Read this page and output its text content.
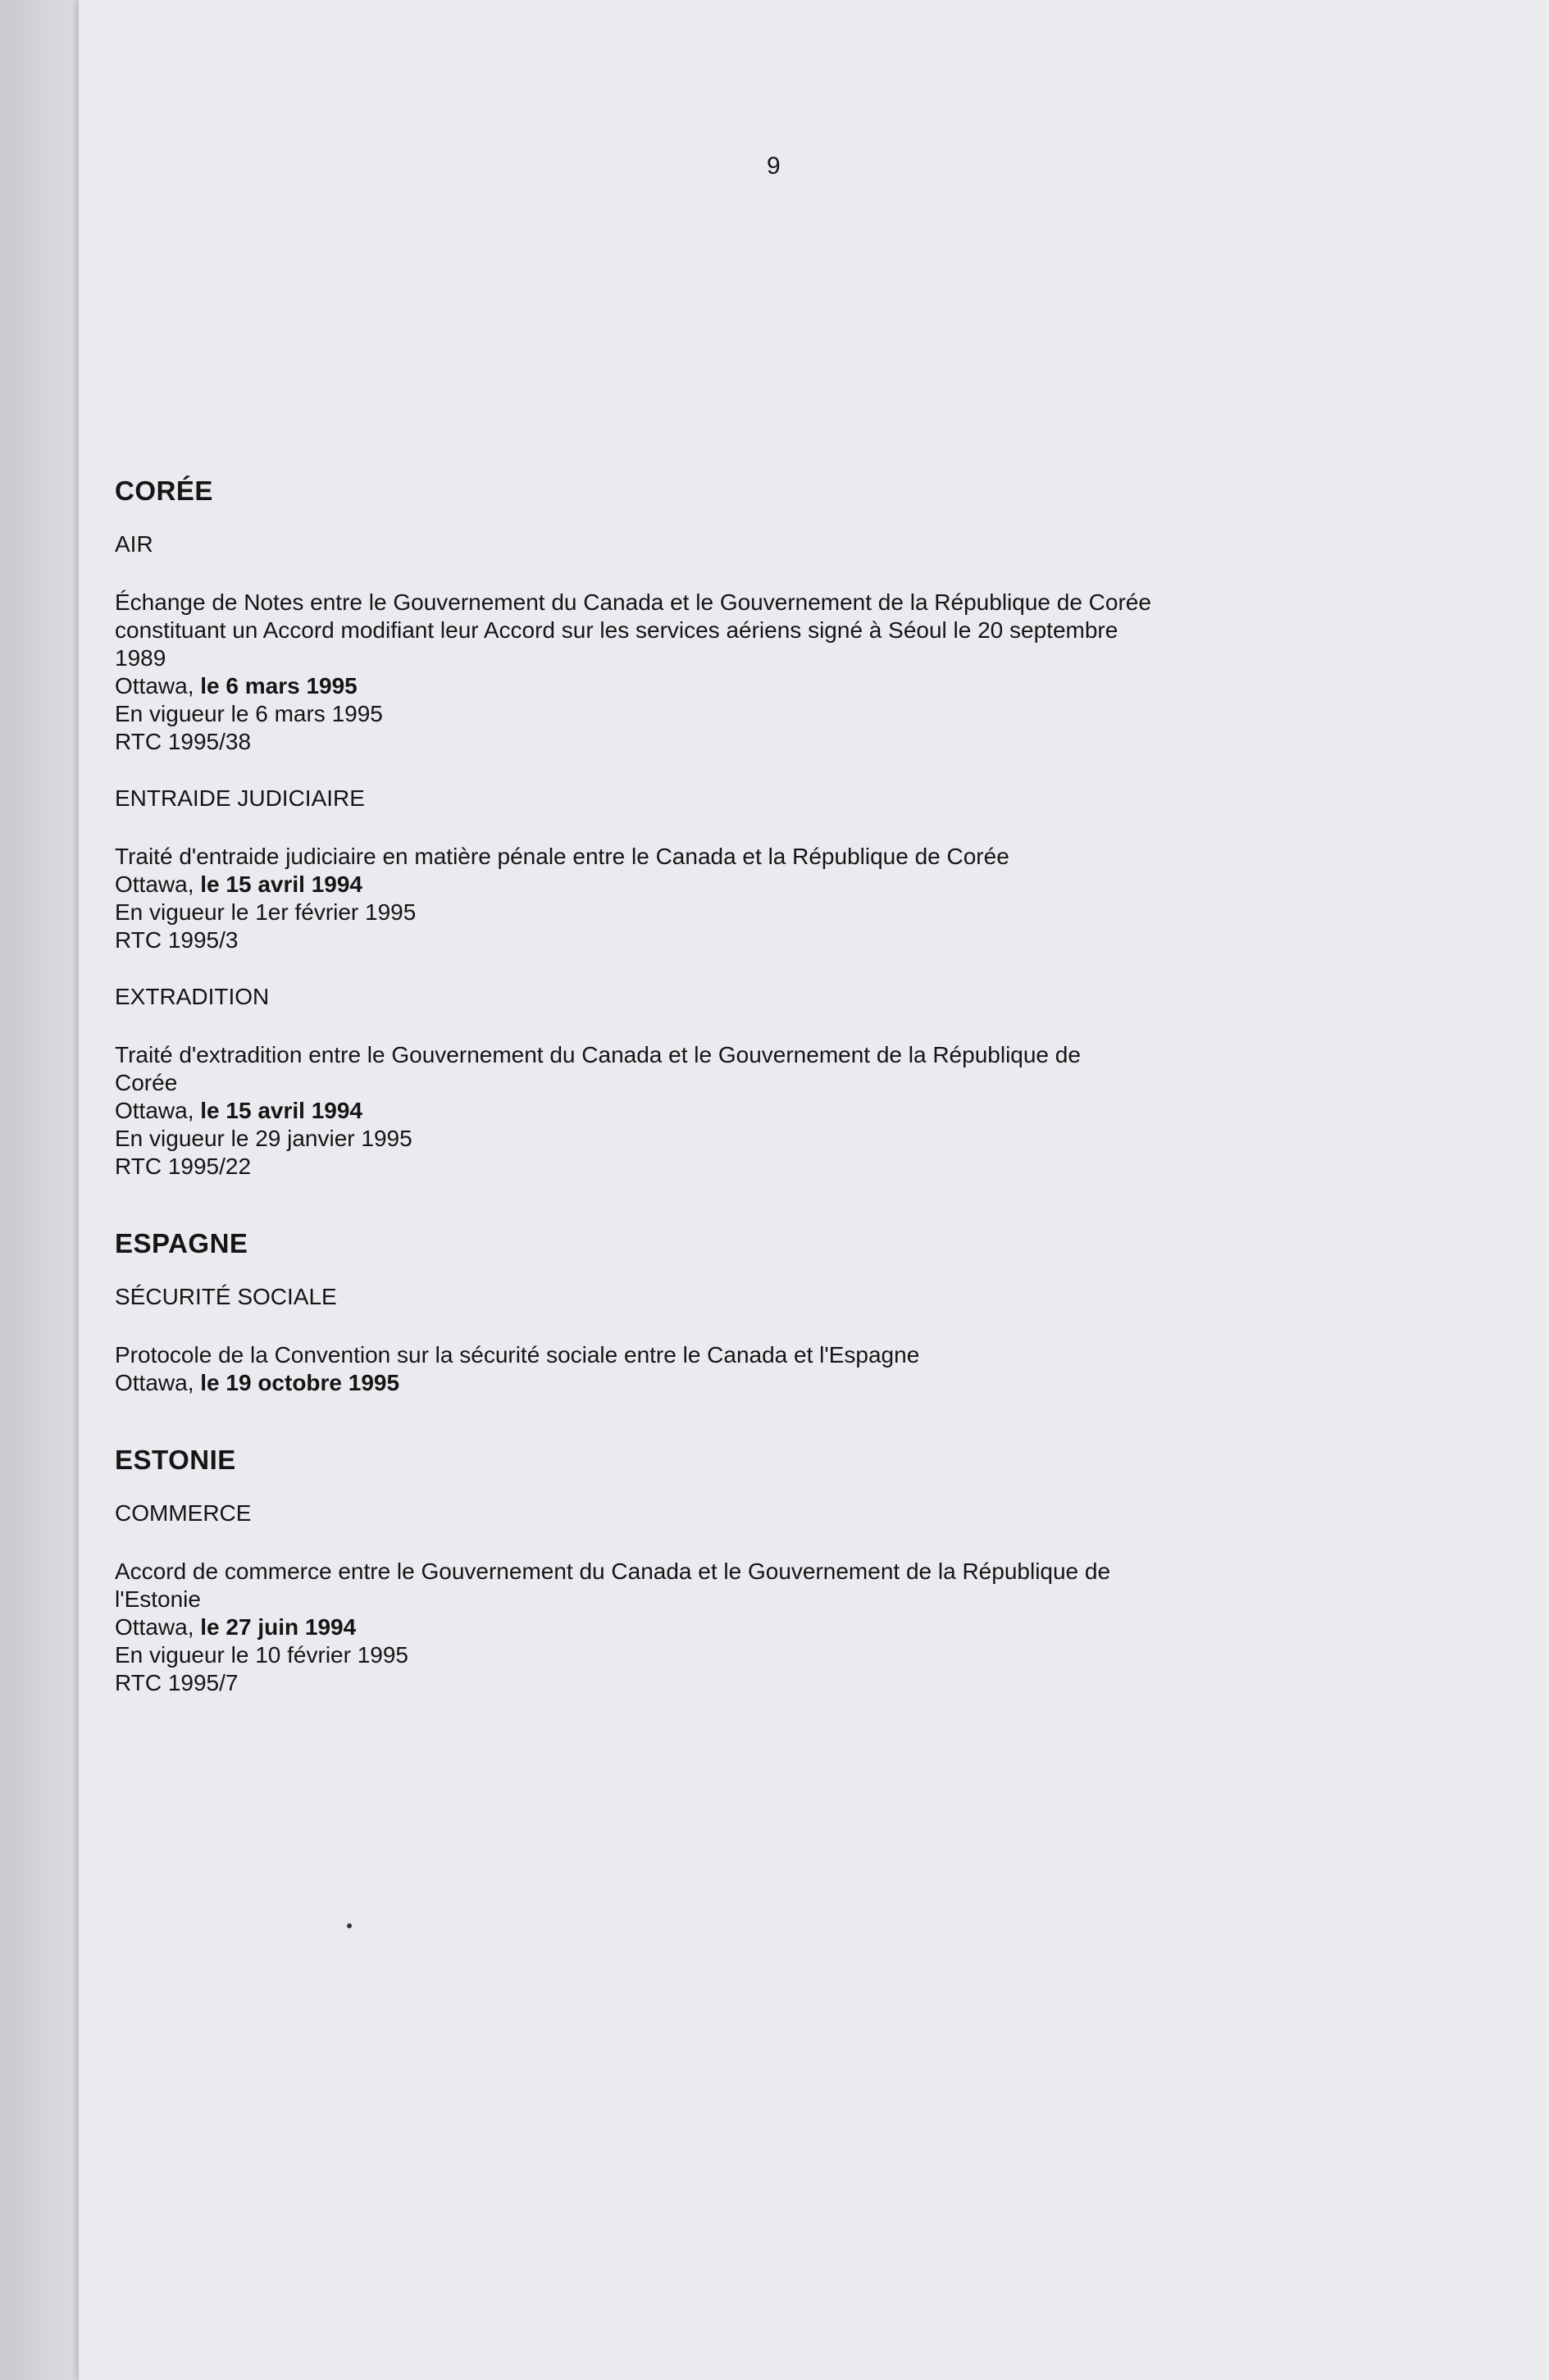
9
CORÉE
AIR
Échange de Notes entre le Gouvernement du Canada et le Gouvernement de la République de Corée
constituant un Accord modifiant leur Accord sur les services aériens signé à Séoul le 20 septembre
1989
Ottawa, le 6 mars 1995
En vigueur le 6 mars 1995
RTC 1995/38
ENTRAIDE JUDICIAIRE
Traité d'entraide judiciaire en matière pénale entre le Canada et la République de Corée
Ottawa, le 15 avril 1994
En vigueur le 1er février 1995
RTC 1995/3
EXTRADITION
Traité d'extradition entre le Gouvernement du Canada et le Gouvernement de la République de
Corée
Ottawa, le 15 avril 1994
En vigueur le 29 janvier 1995
RTC 1995/22
ESPAGNE
SÉCURITÉ SOCIALE
Protocole de la Convention sur la sécurité sociale entre le Canada et l'Espagne
Ottawa, le 19 octobre 1995
ESTONIE
COMMERCE
Accord de commerce entre le Gouvernement du Canada et le Gouvernement de la République de
l'Estonie
Ottawa, le 27 juin 1994
En vigueur le 10 février 1995
RTC 1995/7
